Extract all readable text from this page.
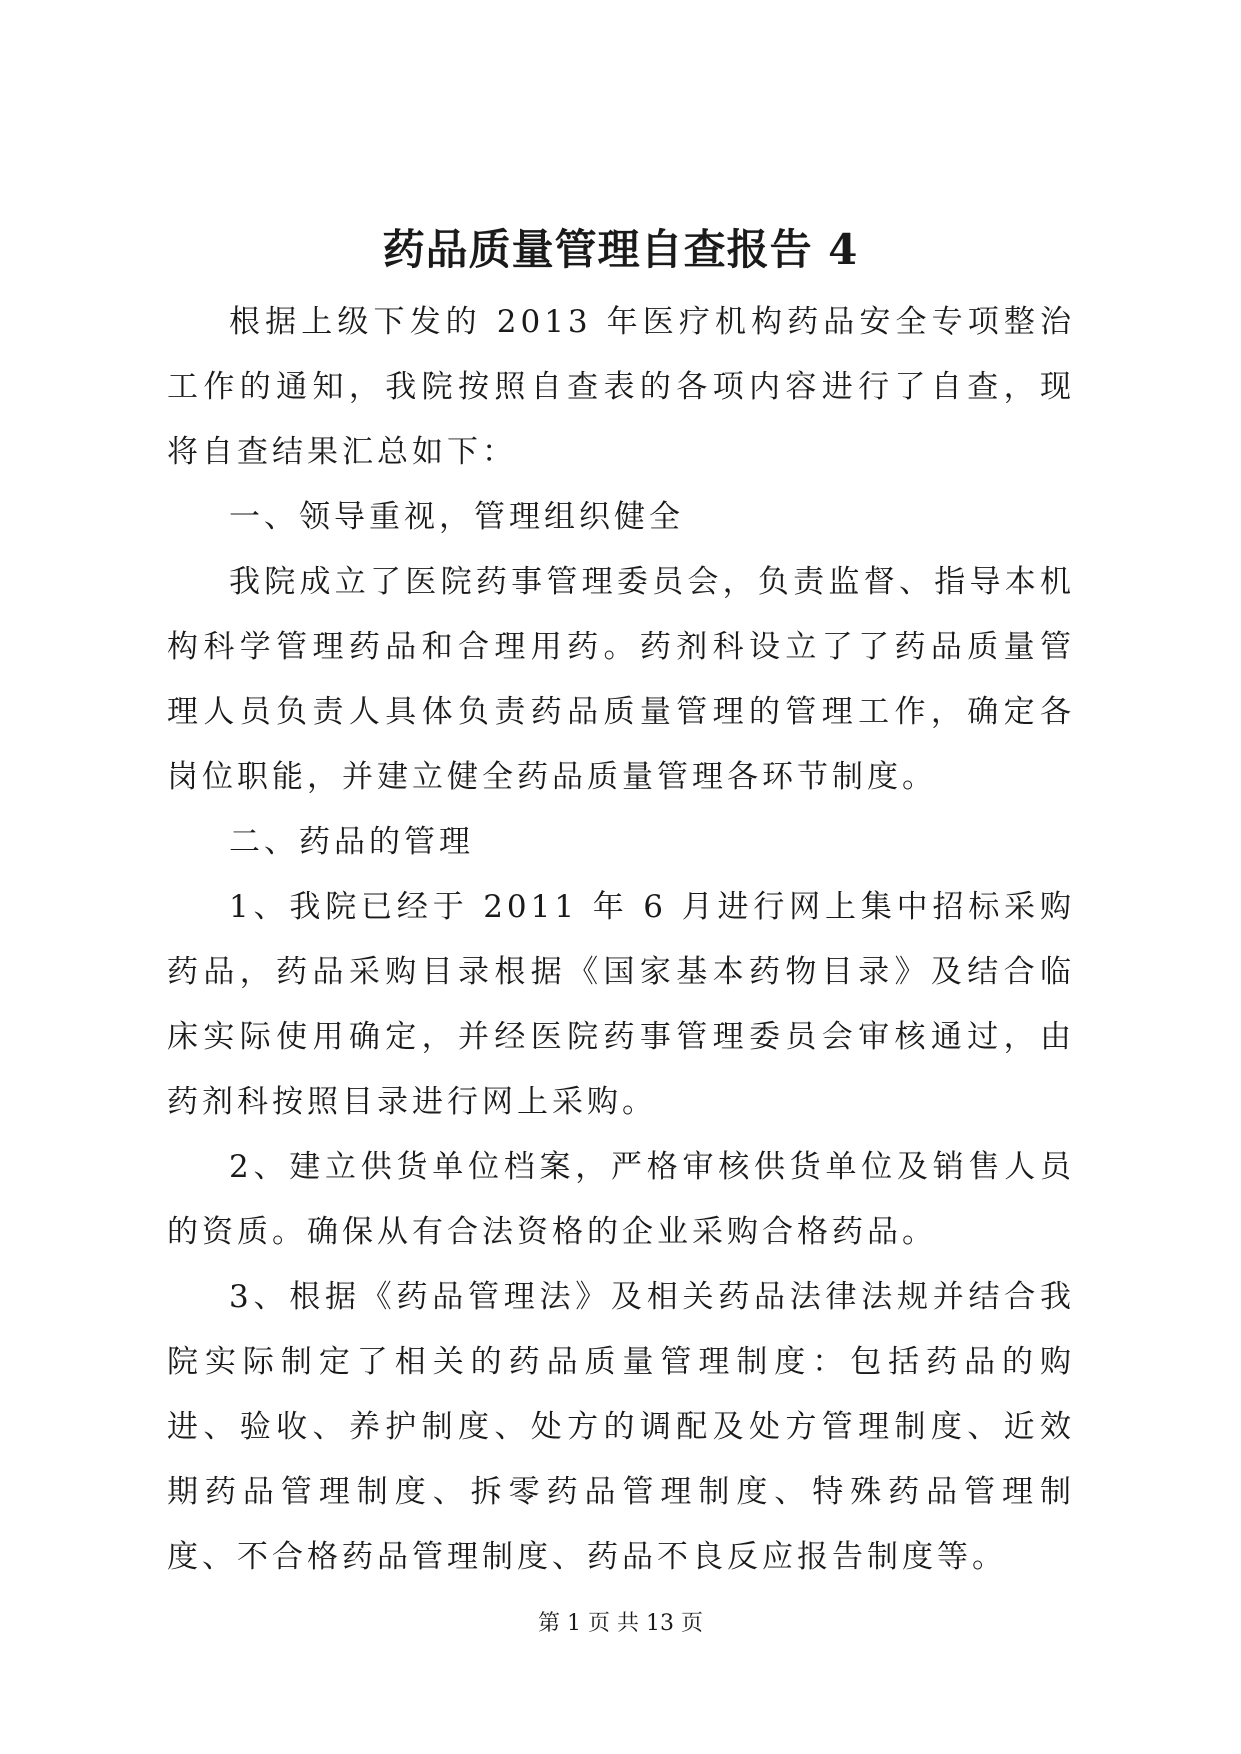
药品质量管理自查报告 4

根据上级下发的 2013 年医疗机构药品安全专项整治工作的通知，我院按照自查表的各项内容进行了自查，现将自查结果汇总如下：

一、领导重视，管理组织健全

我院成立了医院药事管理委员会，负责监督、指导本机构科学管理药品和合理用药。药剂科设立了了药品质量管理人员负责人具体负责药品质量管理的管理工作，确定各岗位职能，并建立健全药品质量管理各环节制度。

二、药品的管理

1、我院已经于 2011 年 6 月进行网上集中招标采购药品，药品采购目录根据《国家基本药物目录》及结合临床实际使用确定，并经医院药事管理委员会审核通过，由药剂科按照目录进行网上采购。

2、建立供货单位档案，严格审核供货单位及销售人员的资质。确保从有合法资格的企业采购合格药品。

3、根据《药品管理法》及相关药品法律法规并结合我院实际制定了相关的药品质量管理制度：包括药品的购进、验收、养护制度、处方的调配及处方管理制度、近效期药品管理制度、拆零药品管理制度、特殊药品管理制度、不合格药品管理制度、药品不良反应报告制度等。

第 1 页 共 13 页
